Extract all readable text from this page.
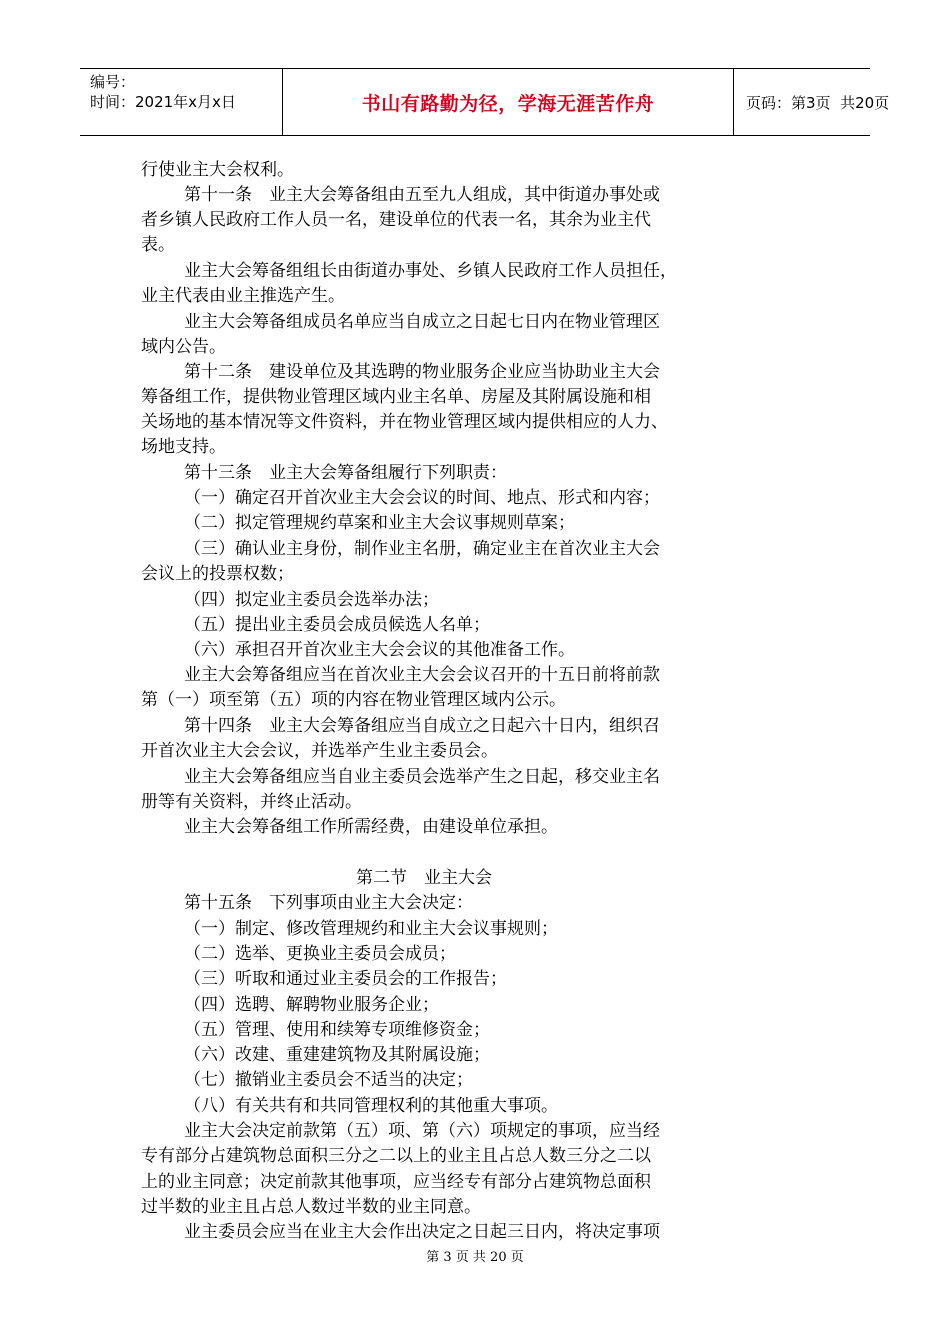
编号：
时间：2021年x月x日	书山有路勤为径，学海无涯苦作舟	页码：第3页  共20页
行使业主大会权利。
第十一条　业主大会筹备组由五至九人组成，其中街道办事处或
者乡镇人民政府工作人员一名，建设单位的代表一名，其余为业主代
表。
业主大会筹备组组长由街道办事处、乡镇人民政府工作人员担任，
业主代表由业主推选产生。
业主大会筹备组成员名单应当自成立之日起七日内在物业管理区
域内公告。
第十二条　建设单位及其选聘的物业服务企业应当协助业主大会
筹备组工作，提供物业管理区域内业主名单、房屋及其附属设施和相
关场地的基本情况等文件资料，并在物业管理区域内提供相应的人力、
场地支持。
第十三条　业主大会筹备组履行下列职责：
（一）确定召开首次业主大会会议的时间、地点、形式和内容；
（二）拟定管理规约草案和业主大会议事规则草案；
（三）确认业主身份，制作业主名册，确定业主在首次业主大会
会议上的投票权数；
（四）拟定业主委员会选举办法；
（五）提出业主委员会成员候选人名单；
（六）承担召开首次业主大会会议的其他准备工作。
业主大会筹备组应当在首次业主大会会议召开的十五日前将前款
第（一）项至第（五）项的内容在物业管理区域内公示。
第十四条　业主大会筹备组应当自成立之日起六十日内，组织召
开首次业主大会会议，并选举产生业主委员会。
业主大会筹备组应当自业主委员会选举产生之日起，移交业主名
册等有关资料，并终止活动。
业主大会筹备组工作所需经费，由建设单位承担。
第二节　业主大会
第十五条　下列事项由业主大会决定：
（一）制定、修改管理规约和业主大会议事规则；
（二）选举、更换业主委员会成员；
（三）听取和通过业主委员会的工作报告；
（四）选聘、解聘物业服务企业；
（五）管理、使用和续筹专项维修资金；
（六）改建、重建建筑物及其附属设施；
（七）撤销业主委员会不适当的决定；
（八）有关共有和共同管理权利的其他重大事项。
业主大会决定前款第（五）项、第（六）项规定的事项，应当经
专有部分占建筑物总面积三分之二以上的业主且占总人数三分之二以
上的业主同意；决定前款其他事项，应当经专有部分占建筑物总面积
过半数的业主且占总人数过半数的业主同意。
业主委员会应当在业主大会作出决定之日起三日内，将决定事项
第 3 页 共 20 页
